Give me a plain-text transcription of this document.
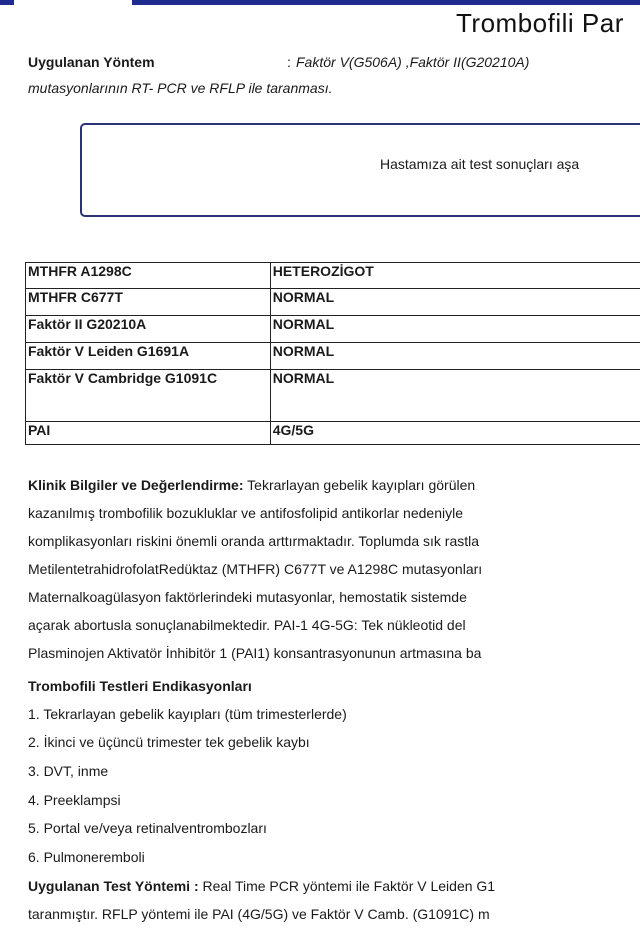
Trombofili Par
Uygulanan Yöntem	: Faktör V(G506A) ,Faktör II(G20210A)
mutasyonlarının RT- PCR ve RFLP ile taranması.
Hastamıza ait test sonuçları aşa
MTHFR A1298C	HETEROZİGOT
MTHFR C677T	NORMAL
Faktör II G20210A	NORMAL
Faktör V Leiden G1691A	NORMAL
Faktör V Cambridge G1091C	NORMAL
PAI	4G/5G
Klinik Bilgiler ve Değerlendirme: Tekrarlayan gebelik kayıpları görülen
kazanılmış trombofilik bozukluklar ve antifosfolipid antikorlar nedeniyle
komplikasyonları riskini önemli oranda arttırmaktadır. Toplumda sık rastla
MetilentetrahidrofolatRedüktaz (MTHFR) C677T ve A1298C mutasyonları
Maternalkoagülasyon faktörlerindeki mutasyonlar, hemostatik sistemde
açarak abortusla sonuçlanabilmektedir. PAI-1 4G-5G: Tek nükleotid del
Plasminojen Aktivatör İnhibitör 1 (PAI1) konsantrasyonunun artmasına ba
Trombofili Testleri Endikasyonları
1. Tekrarlayan gebelik kayıpları (tüm trimesterlerde)
2. İkinci ve üçüncü trimester tek gebelik kaybı
3. DVT, inme
4. Preeklampsi
5. Portal ve/veya retinalventrombozları
6. Pulmoneremboli
Uygulanan Test Yöntemi : Real Time PCR yöntemi ile Faktör V Leiden G1
taranmıştır. RFLP yöntemi ile PAI (4G/5G) ve Faktör V Camb. (G1091C) m
